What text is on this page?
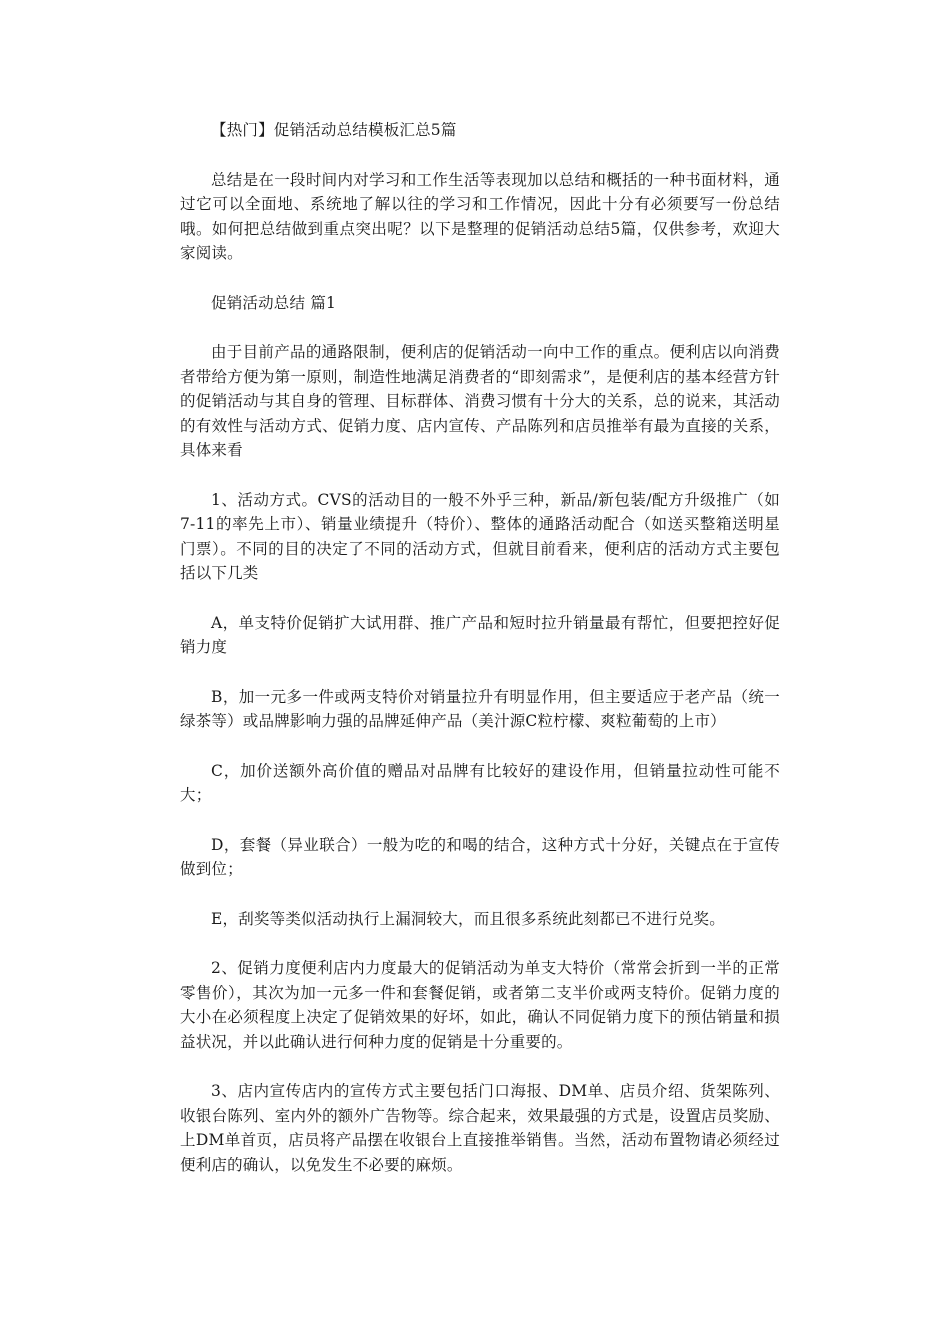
【热门】促销活动总结模板汇总5篇

总结是在一段时间内对学习和工作生活等表现加以总结和概括的一种书面材料，通过它可以全面地、系统地了解以往的学习和工作情况，因此十分有必须要写一份总结哦。如何把总结做到重点突出呢？以下是整理的促销活动总结5篇，仅供参考，欢迎大家阅读。

促销活动总结 篇1

由于目前产品的通路限制，便利店的促销活动一向中工作的重点。便利店以向消费者带给方便为第一原则，制造性地满足消费者的“即刻需求”，是便利店的基本经营方针的促销活动与其自身的管理、目标群体、消费习惯有十分大的关系，总的说来，其活动的有效性与活动方式、促销力度、店内宣传、产品陈列和店员推举有最为直接的关系，具体来看

1、活动方式。CVS的活动目的一般不外乎三种，新品/新包装/配方升级推广（如7-11的率先上市）、销量业绩提升（特价）、整体的通路活动配合（如送买整箱送明星门票）。不同的目的决定了不同的活动方式，但就目前看来，便利店的活动方式主要包括以下几类

A，单支特价促销扩大试用群、推广产品和短时拉升销量最有帮忙，但要把控好促销力度

B，加一元多一件或两支特价对销量拉升有明显作用，但主要适应于老产品（统一绿茶等）或品牌影响力强的品牌延伸产品（美汁源C粒柠檬、爽粒葡萄的上市）

C，加价送额外高价值的赠品对品牌有比较好的建设作用，但销量拉动性可能不大；

D，套餐（异业联合）一般为吃的和喝的结合，这种方式十分好，关键点在于宣传做到位；

E，刮奖等类似活动执行上漏洞较大，而且很多系统此刻都已不进行兑奖。

2、促销力度便利店内力度最大的促销活动为单支大特价（常常会折到一半的正常零售价），其次为加一元多一件和套餐促销，或者第二支半价或两支特价。促销力度的大小在必须程度上决定了促销效果的好坏，如此，确认不同促销力度下的预估销量和损益状况，并以此确认进行何种力度的促销是十分重要的。

3、店内宣传店内的宣传方式主要包括门口海报、DM单、店员介绍、货架陈列、收银台陈列、室内外的额外广告物等。综合起来，效果最强的方式是，设置店员奖励、上DM单首页，店员将产品摆在收银台上直接推举销售。当然，活动布置物请必须经过便利店的确认，以免发生不必要的麻烦。
